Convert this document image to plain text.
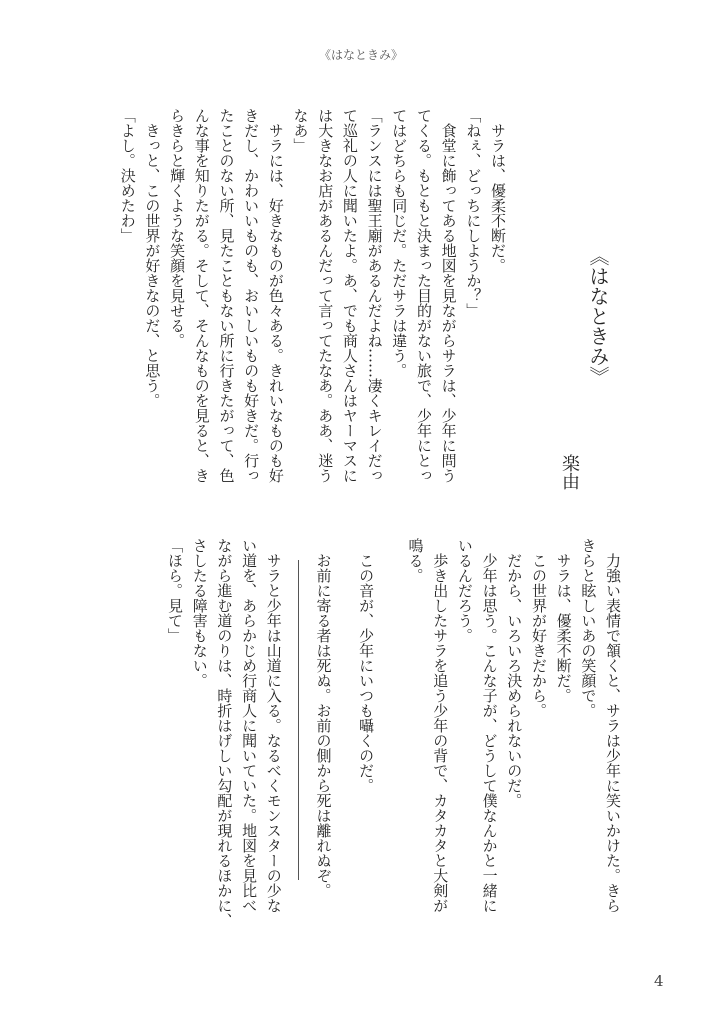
《はなときみ》
《はなときみ》
楽由
　サラは、優柔不断だ。
「ねぇ、どっちにしようか？」
　食堂に飾ってある地図を見ながらサラは、少年に問う
てくる。もともと決まった目的がない旅で、少年にとっ
てはどちらも同じだ。ただサラは違う。
「ランスには聖王廟があるんだよね……凄くキレイだっ
て巡礼の人に聞いたよ。あ、でも商人さんはヤーマスに
は大きなお店があるんだって言ってたなあ。ああ、迷う
なあ」
　サラには、好きなものが色々ある。きれいなものも好
きだし、かわいいものも、おいしいものも好きだ。行っ
たことのない所、見たこともない所に行きたがって、色
んな事を知りたがる。そして、そんなものを見ると、き
らきらと輝くような笑顔を見せる。
　きっと、この世界が好きなのだ、と思う。
「よし。決めたわ」
　力強い表情で頷くと、サラは少年に笑いかけた。きら
きらと眩しいあの笑顔で。
　サラは、優柔不断だ。
　この世界が好きだから。
　だから、いろいろ決められないのだ。
　少年は思う。こんな子が、どうして僕なんかと一緒に
いるんだろう。
　歩き出したサラを追う少年の背で、カタカタと大剣が
鳴る。
　この音が、少年にいつも囁くのだ。
　お前に寄る者は死ぬ。お前の側から死は離れぬぞ。
　サラと少年は山道に入る。なるべくモンスターの少な
い道を、あらかじめ行商人に聞いていた。地図を見比べ
ながら進む道のりは、時折はげしい勾配が現れるほかに、
さしたる障害もない。
「ほら。見て」
4
